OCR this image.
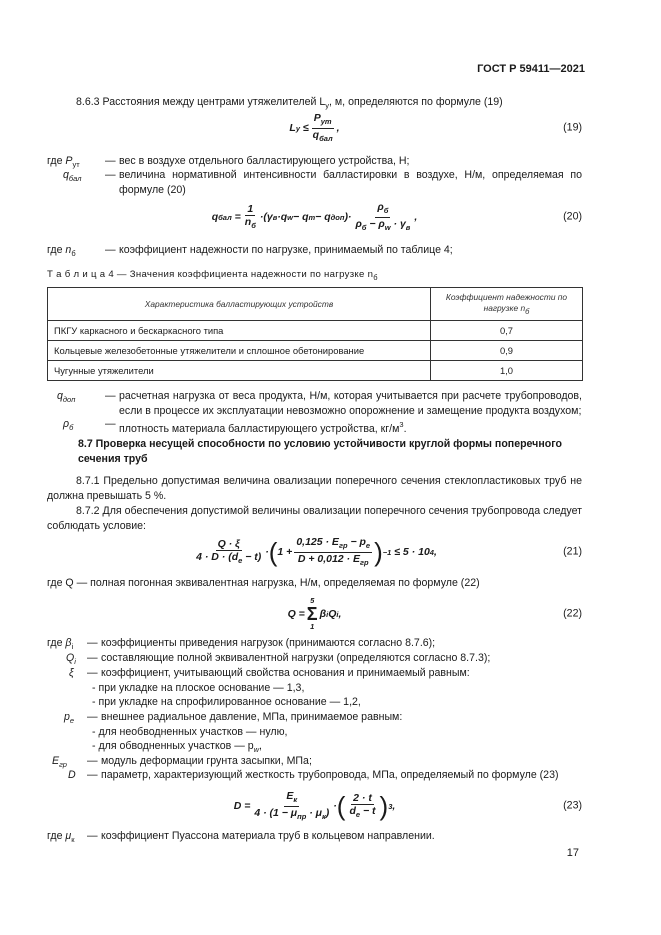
ГОСТ Р 59411—2021
8.6.3 Расстояния между центрами утяжелителей $L_у$, м, определяются по формуле (19)
L у
≤ $\frac{P_{ут}}{q_{бал}}$ ,	(19)
где $P_{ут}$ — вес в воздухе отдельного балластирующего устройства, Н;
$q_{бал}$ — величина нормативной интенсивности балластировки в воздухе, Н/м, определяемая по формуле (20)
q бал
= $\frac{1}{n_б} \cdot(\gamma$ в ·q w − q т − q доп )· $\frac{\rho_б}{\rho_б - \rho_w \cdot \gamma_в}$ ,	(20)
где $n_б$	— коэффициент надежности по нагрузке, принимаемый по таблице 4;
Т а б л и ц а 4 — Значения коэффициента надежности по нагрузке $n_б$
Характеристика балластирующих устройств	Коэффициент надежности по нагрузке nб
ПКГУ каркасного и бескаркасного типа	0,7
Кольцевые железобетонные утяжелители и сплошное обетонирование	0,9
Чугунные утяжелители	1,0
$q_{доп}$	— расчетная нагрузка от веса продукта, Н/м, которая учитывается при расчете трубопроводов, если в процессе их эксплуатации невозможно опорожнение и замещение продукта воздухом;
$\rho_б$	— плотность материала балластирующего устройства, $кг/м^3$.
8.7 Проверка несущей способности по условию устойчивости круглой формы поперечного сечения труб
8.7.1 Предельно допустимая величина овализации поперечного сечения стеклопластиковых труб не должна превышать 5 %.
8.7.2 Для обеспечения допустимой величины овализации поперечного сечения трубопровода следует соблюдать условие:
$\frac{Q \cdot \xi}{4 \cdot D \cdot (d_e - t)}$ · ( $1 + \frac{0,125 \cdot E_{гр} - p_e}{D + 0,012 \cdot E_{гр}}$ ) −1
≤ 5 · 10 4 ,	(21)
где Q — полная погонная эквивалентная нагрузка, Н/м, определяемая по формуле (22)
Q =
5
Σ
1
β i Q i ,	(22)
где $\beta_i$ — коэффициенты приведения нагрузок (принимаются согласно 8.7.6);
$Q_i$ — составляющие полной эквивалентной нагрузки (определяются согласно 8.7.3);
ξ — коэффициент, учитывающий свойства основания и принимаемый равным:
- при укладке на плоское основание — 1,3,
- при укладке на спрофилированное основание — 1,2,
$p_e$ — внешнее радиальное давление, МПа, принимаемое равным:
- для необводненных участков — нулю,
- для обводненных участков — $p_w$,
$E_{гр}$ — модуль деформации грунта засыпки, МПа;
D — параметр, характеризующий жесткость трубопровода, МПа, определяемый по формуле (23)
$D = \frac{E_к}{4 \cdot (1 - \mu_{пр} \cdot \mu_к)}$ · ( $\frac{2 \cdot t}{d_e - t}$ ) 3 ,	(23)
где $\mu_к$ — коэффициент Пуассона материала труб в кольцевом направлении.
17
